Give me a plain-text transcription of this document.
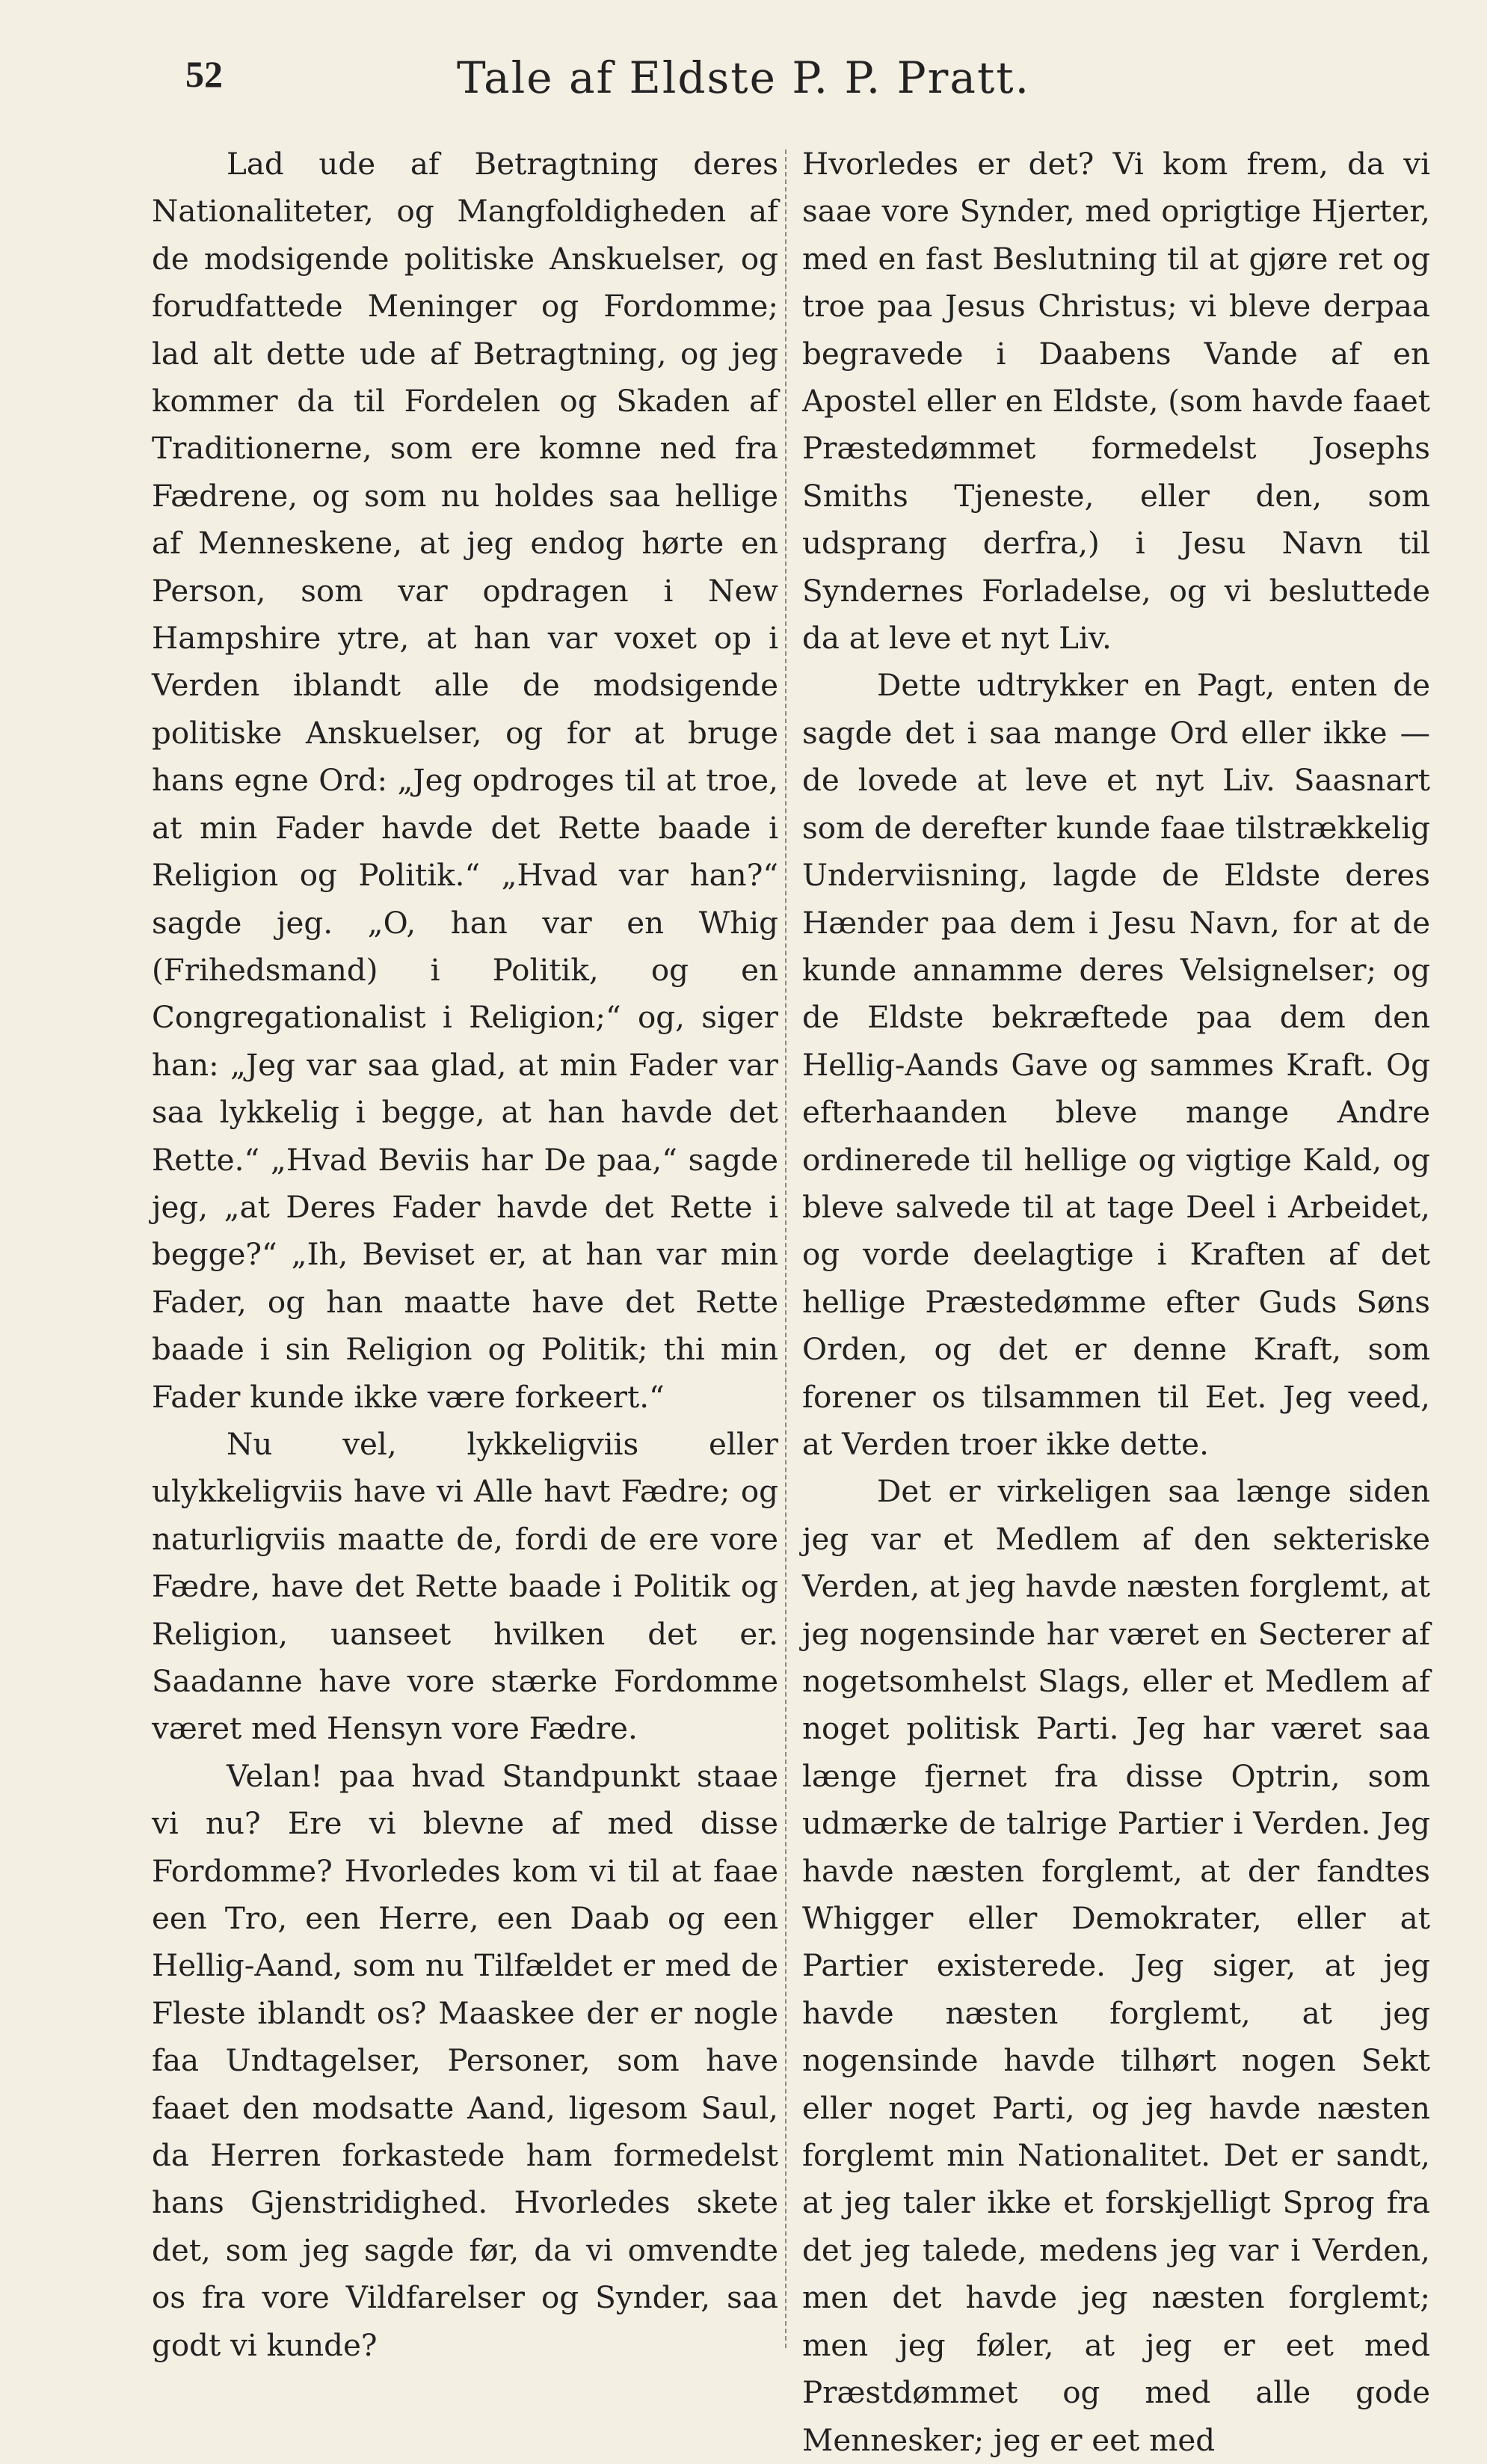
52	Tale af Eldste P. P. Pratt.

Lad ude af Betragtning deres Nationaliteter, og Mangfoldigheden af de modsigende politiske Anskuelser, og forudfattede Meninger og Fordomme; lad alt dette ude af Betragtning, og jeg kommer da til Fordelen og Skaden af Traditionerne, som ere komne ned fra Fædrene, og som nu holdes saa hellige af Menneskene, at jeg endog hørte en Person, som var opdragen i New Hampshire ytre, at han var voxet op i Verden iblandt alle de modsigende politiske Anskuelser, og for at bruge hans egne Ord: „Jeg opdroges til at troe, at min Fader havde det Rette baade i Religion og Politik.“ „Hvad var han?“ sagde jeg. „O, han var en Whig (Frihedsmand) i Politik, og en Congregationalist i Religion;“ og, siger han: „Jeg var saa glad, at min Fader var saa lykkelig i begge, at han havde det Rette.“ „Hvad Beviis har De paa,“ sagde jeg, „at Deres Fader havde det Rette i begge?“ „Ih, Beviset er, at han var min Fader, og han maatte have det Rette baade i sin Religion og Politik; thi min Fader kunde ikke være forkeert.“

Nu vel, lykkeligviis eller ulykkeligviis have vi Alle havt Fædre; og naturligviis maatte de, fordi de ere vore Fædre, have det Rette baade i Politik og Religion, uanseet hvilken det er. Saadanne have vore stærke Fordomme været med Hensyn vore Fædre.

Velan! paa hvad Standpunkt staae vi nu? Ere vi blevne af med disse Fordomme? Hvorledes kom vi til at faae een Tro, een Herre, een Daab og een Hellig-Aand, som nu Tilfældet er med de Fleste iblandt os? Maaskee der er nogle faa Undtagelser, Personer, som have faaet den modsatte Aand, ligesom Saul, da Herren forkastede ham formedelst hans Gjenstridighed. Hvorledes skete det, som jeg sagde før, da vi omvendte os fra vore Vildfarelser og Synder, saa godt vi kunde?

Hvorledes er det? Vi kom frem, da vi saae vore Synder, med oprigtige Hjerter, med en fast Beslutning til at gjøre ret og troe paa Jesus Christus; vi bleve derpaa begravede i Daabens Vande af en Apostel eller en Eldste, (som havde faaet Præstedømmet formedelst Josephs Smiths Tjeneste, eller den, som udsprang derfra,) i Jesu Navn til Syndernes Forladelse, og vi besluttede da at leve et nyt Liv.

Dette udtrykker en Pagt, enten de sagde det i saa mange Ord eller ikke — de lovede at leve et nyt Liv. Saasnart som de derefter kunde faae tilstrækkelig Underviisning, lagde de Eldste deres Hænder paa dem i Jesu Navn, for at de kunde annamme deres Velsignelser; og de Eldste bekræftede paa dem den Hellig-Aands Gave og sammes Kraft. Og efterhaanden bleve mange Andre ordinerede til hellige og vigtige Kald, og bleve salvede til at tage Deel i Arbeidet, og vorde deelagtige i Kraften af det hellige Præstedømme efter Guds Søns Orden, og det er denne Kraft, som forener os tilsammen til Eet. Jeg veed, at Verden troer ikke dette.

Det er virkeligen saa længe siden jeg var et Medlem af den sekteriske Verden, at jeg havde næsten forglemt, at jeg nogensinde har været en Secterer af nogetsomhelst Slags, eller et Medlem af noget politisk Parti. Jeg har været saa længe fjernet fra disse Optrin, som udmærke de talrige Partier i Verden. Jeg havde næsten forglemt, at der fandtes Whigger eller Demokrater, eller at Partier existerede. Jeg siger, at jeg havde næsten forglemt, at jeg nogensinde havde tilhørt nogen Sekt eller noget Parti, og jeg havde næsten forglemt min Nationalitet. Det er sandt, at jeg taler ikke et forskjelligt Sprog fra det jeg talede, medens jeg var i Verden, men det havde jeg næsten forglemt; men jeg føler, at jeg er eet med Præstdømmet og med alle gode Mennesker; jeg er eet med
